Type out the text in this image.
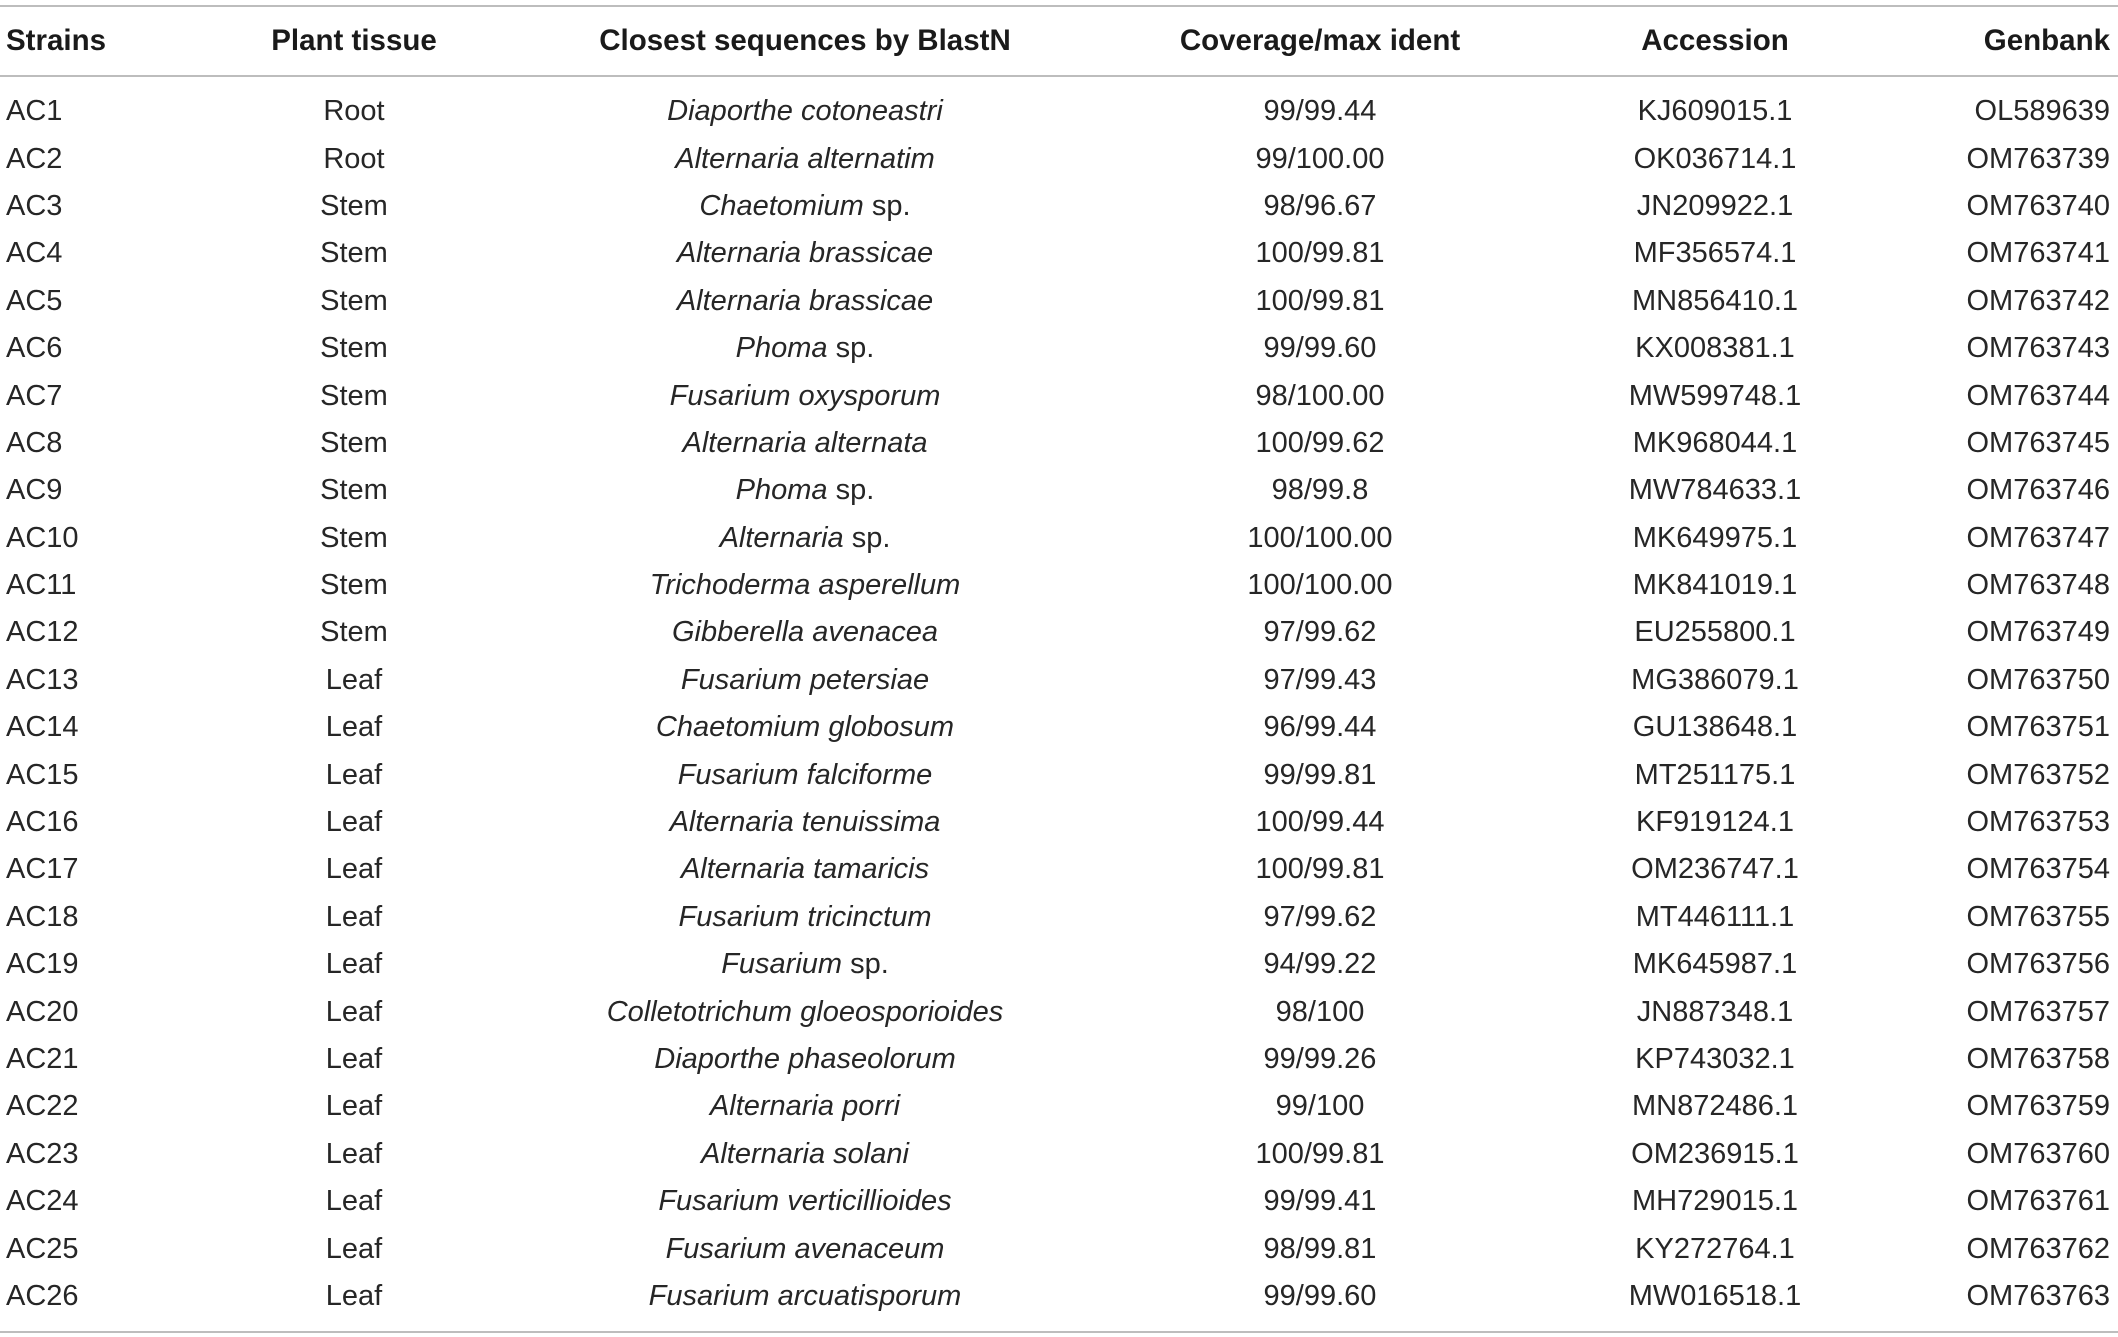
Strains	Plant tissue	Closest sequences by BlastN	Coverage/max ident	Accession	Genbank
AC1	Root	Diaporthe cotoneastri	99/99.44	KJ609015.1	OL589639
AC2	Root	Alternaria alternatim	99/100.00	OK036714.1	OM763739
AC3	Stem	Chaetomium sp.	98/96.67	JN209922.1	OM763740
AC4	Stem	Alternaria brassicae	100/99.81	MF356574.1	OM763741
AC5	Stem	Alternaria brassicae	100/99.81	MN856410.1	OM763742
AC6	Stem	Phoma sp.	99/99.60	KX008381.1	OM763743
AC7	Stem	Fusarium oxysporum	98/100.00	MW599748.1	OM763744
AC8	Stem	Alternaria alternata	100/99.62	MK968044.1	OM763745
AC9	Stem	Phoma sp.	98/99.8	MW784633.1	OM763746
AC10	Stem	Alternaria sp.	100/100.00	MK649975.1	OM763747
AC11	Stem	Trichoderma asperellum	100/100.00	MK841019.1	OM763748
AC12	Stem	Gibberella avenacea	97/99.62	EU255800.1	OM763749
AC13	Leaf	Fusarium petersiae	97/99.43	MG386079.1	OM763750
AC14	Leaf	Chaetomium globosum	96/99.44	GU138648.1	OM763751
AC15	Leaf	Fusarium falciforme	99/99.81	MT251175.1	OM763752
AC16	Leaf	Alternaria tenuissima	100/99.44	KF919124.1	OM763753
AC17	Leaf	Alternaria tamaricis	100/99.81	OM236747.1	OM763754
AC18	Leaf	Fusarium tricinctum	97/99.62	MT446111.1	OM763755
AC19	Leaf	Fusarium sp.	94/99.22	MK645987.1	OM763756
AC20	Leaf	Colletotrichum gloeosporioides	98/100	JN887348.1	OM763757
AC21	Leaf	Diaporthe phaseolorum	99/99.26	KP743032.1	OM763758
AC22	Leaf	Alternaria porri	99/100	MN872486.1	OM763759
AC23	Leaf	Alternaria solani	100/99.81	OM236915.1	OM763760
AC24	Leaf	Fusarium verticillioides	99/99.41	MH729015.1	OM763761
AC25	Leaf	Fusarium avenaceum	98/99.81	KY272764.1	OM763762
AC26	Leaf	Fusarium arcuatisporum	99/99.60	MW016518.1	OM763763
